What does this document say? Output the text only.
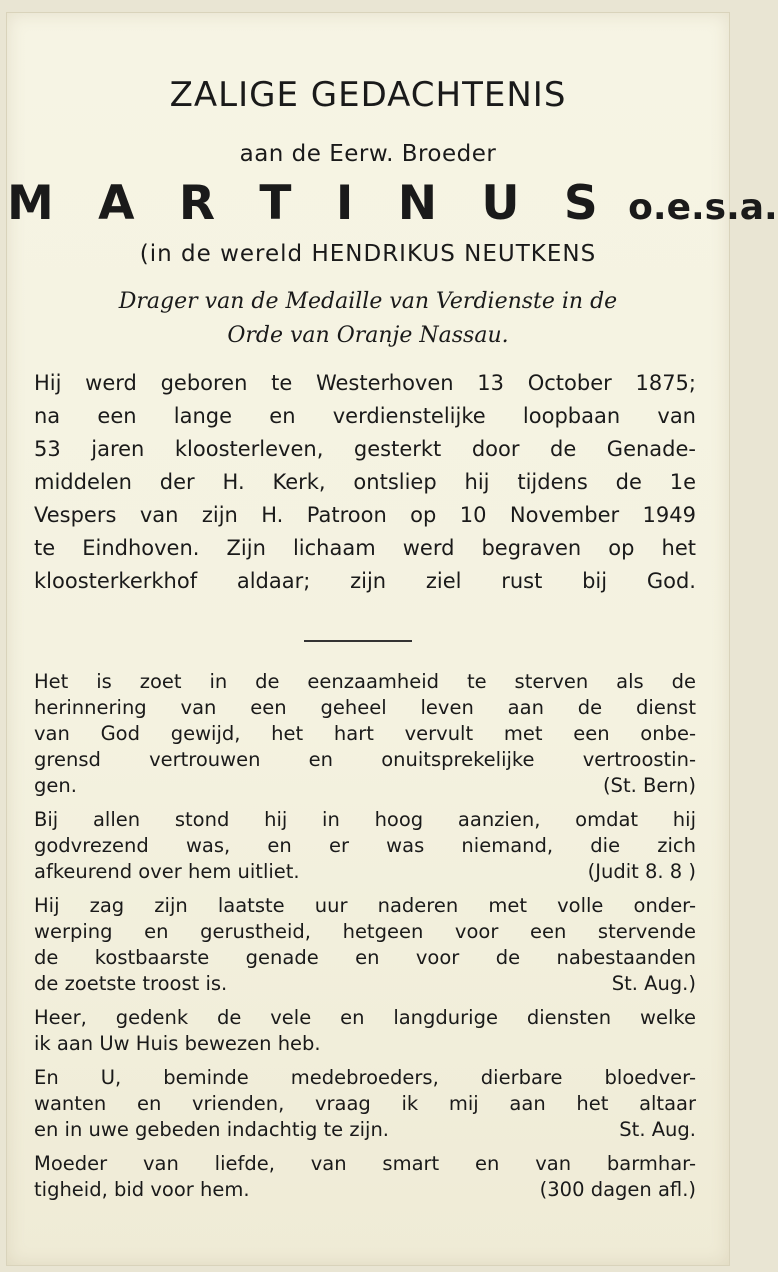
ZALIGE GEDACHTENIS
aan de Eerw. Broeder
M A R T I N U S o.e.s.a.
(in de wereld HENDRIKUS NEUTKENS
Drager van de Medaille van Verdienste in de
Orde van Oranje Nassau.
Hij werd geboren te Westerhoven 13 October 1875;
na een lange en verdienstelijke loopbaan van
53 jaren kloosterleven, gesterkt door de Genade-
middelen der H. Kerk, ontsliep hij tijdens de 1e
Vespers van zijn H. Patroon op 10 November 1949
te Eindhoven. Zijn lichaam werd begraven op het
kloosterkerkhof aldaar; zijn ziel rust bij God.
Het is zoet in de eenzaamheid te sterven als de
herinnering van een geheel leven aan de dienst
van God gewijd, het hart vervult met een onbe-
grensd vertrouwen en onuitsprekelijke vertroostin-
gen.	(St. Bern)
Bij allen stond hij in hoog aanzien, omdat hij
godvrezend was, en er was niemand, die zich
afkeurend over hem uitliet.	(Judit 8. 8 )
Hij zag zijn laatste uur naderen met volle onder-
werping en gerustheid, hetgeen voor een stervende
de kostbaarste genade en voor de nabestaanden
de zoetste troost is.	St. Aug.)
Heer, gedenk de vele en langdurige diensten welke
ik aan Uw Huis bewezen heb.
En U, beminde medebroeders, dierbare bloedver-
wanten en vrienden, vraag ik mij aan het altaar
en in uwe gebeden indachtig te zijn.	St. Aug.
Moeder van liefde, van smart en van barmhar-
tigheid, bid voor hem.	(300 dagen afl.)
